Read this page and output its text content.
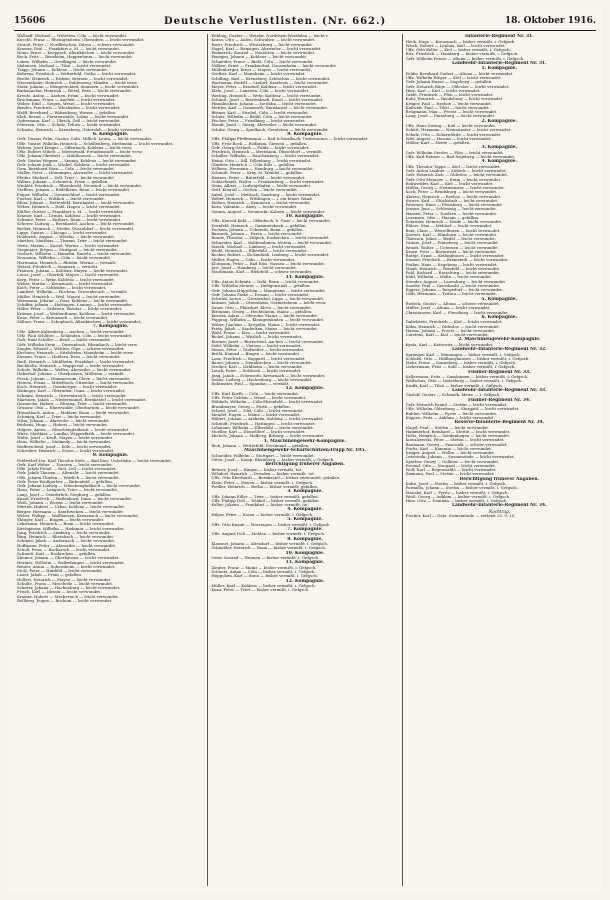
15606	Deutsche Verlustlisten. (Nr. 662.)	18. Oktober 1916.
Wallraff, Michael — Wißetten, Cöln — leicht verwundet.
Knecht, Franz — Rheingönheim, Oberadern — leicht verwundet.
Strauß, Peter — Nordbrüchen, Düren — schwer verwundet.
Kramer, Paul — Frankfurt a. M. — leicht verwundet.
Hönn, Ernst — Kroppach, Altenkirchen — leicht verwundet.
Rock, Fritz — Bensheim, Heppenheim — leicht verwundet.
Lönne, Wilhelm — Gerdlingen — leicht verwundet.
Malimsen, Michael — Tilsit — leicht verwundet.
Trapp, Johann — Koblenz — leicht verwundet.
Bohrens, Friedrich — Wetterfeld, Gotha — leicht verwundet.
Beelte, Heinrich — Erdsen, Bremen — leicht verwundet.
Wiesenthaler, Heinrich — Dohlenweg, Minden — leicht verw.
Mohr, Johann — Mengerschied, Simmern — leicht verwundet.
Rademacher, Heinrich — Wesel, Rees — leicht verwundet.
Kreutz, Anton — Aachen, Prüm — leicht verwundet.
Bruckmann, Franz — Aachen — leicht verwundet.
Weber, Emil — Siegen, Wesel — leicht verwundet.
Bender, Friedrich — Wiesbaden — leicht verwundet.
Wolff, Bernhard — Wittenberg, Worms — gefallen.
Kloß, Bernd — Fürstenwalde, Lebus — leicht verwundet.
Opfermann, Karl — Uhrich, Zell — leicht verwundet.
Petersen, Otto — Schulz, Teltow — leicht verwundet.
Schmitz, Heinrich — Kreuzberg, Gütersloh — leicht verwundet.
6. Kompagnie.
Gefr. Gustav Palm, Gustav, Calw. Millich, Leutn. — leicht verwundet.
Uffz. Gustav Wilhelm Heinrich — Schöllenberg, Mettmann — leicht verwundet.
Wehrm. Josef Krüger — Offenbach, Koblenz — leicht verw.
Uffz. Robert Stibelt — Mittenwald, Freudenstadt — leicht verw.
Uffz. Johann Oberbett — Mühlhausen — leicht verwundet.
Gefr. Gustav Wegner — Sennig, Koblenz — leicht verwundet.
Gefr. Johann Junk — Winkel, Koblenz — leicht verwundet.
Gem. Bernhard Horn — Cöln — leicht verwundet.
Müller, Peter — Hönningen, Ahrweiler — leicht verwundet.
Pfeifer, Michael — Zell, Trier — leicht verwundet.
Willms, Johann — Schoneck, Prüm — gefallen.
Winkler, Friedrich — Rheinbrohl, Neuwied — leicht verwundet.
Steffens, Johann — Rödelheim, Bonn — leicht verwundet.
Pieper, Wilhelm — Greusseldorf — leicht verwundet.
Fischer, Karl — Wittlich — leicht verwundet.
Blum, Johann — Bettenfeld, Bernkastel — leicht verwundet.
Weber, Heinrich — Dahl, Hagen — leicht verwundet.
Müller, Gustav — Frankfurt a. M. — leicht verwundet.
Kramer, Karl — Urmitz, Koblenz — leicht verwundet.
Schmitz, Peter — Enthers, Bonn — leicht verwundet.
Scherer, Ludwig — Bernkastel, Aachen — leicht verwundet.
Becker, Heinrich — Nieder, Düsseldorf — leicht verwundet.
Lippe, Gustav — Chicago — leicht verwundet.
Heiderich, August — Wetzlar — leicht verwundet.
Marthes, Matthias — Thomm, Trier — leicht verwundet.
Weitz, Martin — Kastel, Worms — leicht verwundet.
Stegmaier, Jürgen — Stuttgart — leicht verwundet.
Gerlach, Wilhelm — Hamelin, Rinteln — leicht verwundet.
Neumann, Wilhelm — Cöln — leicht verwundet.
Hartmann, Heinrich — Rhüdin, Worms — vermißt.
Wetzel, Friedrich — Simmern — vermißt.
Franzen, Johann — Koblenz, Mayen — leicht verwundet.
Lucas, Josef — Oberfell, Mayen — leicht verwundet.
Kerp, Peter — Wehr, Koblenz — leicht verwundet.
Weber, Martin — Kreuznach — leicht verwundet.
Koch, Peter — Schleiden — leicht verwundet.
Lambert, Wilhelm — Hochem, Grevenbroich — vermißt.
Müller, Heinrich — Weil, Mayen — leicht verwundet.
Weismann, Johann — Goar, Koblenz — leicht verwundet.
Schiffer, Johann — Hattingen, Lennep — leicht verwundet.
Hiller, Peter — Erdstein, Wetzlar — leicht verwundet.
Krämer, Josef — Weißenthurm, Koblenz — leicht verwundet.
Kunz, Peter — Kreuznach — leicht verwundet.
Zöllner, Franz — Schopbach, Altenkirchen — leicht verwundet.
7. Kompagnie.
Uffz. Albert Kaltenberg — Aachen — leicht verwundet.
Uffz. Paul Schlüter — Schleiden, Cöln — leicht verwundet.
Gefr. Emil Schiller — Reuß — leicht verwundet.
Gefr. Wilhelm Stein — Dürrenbach, Rheinbach — leicht verw.
Ziegler, Eduard — Wohlen, Olpe — schwer verwundet.
Kirchner, Heinrich — Eitelsheim, Mannheim — leicht verw.
Ziemen, Franz — Haldern, Rees — leicht verwundet.
Reiß, Heinrich — Mühlheim, Frankfurt — leicht verwundet.
Buchholtz, Heinrich — Wuppertal — leicht verwundet.
Scholz, Wilhelm — Welfen, Ahrweiler — leicht verwundet.
Haberhof, Johann — Oberhausen, Mülheim — vermißt.
Pesch, Johann — Hommersum, Cleve — leicht verwundet.
Heinen, Franz — Mittelbach, Ottweiler — leicht verwundet.
Koch, Heinrich — Dornbergen — leicht verwundet.
Rüdinger, Karl — Oberaden, Unna — leicht verwundet.
Schmitz, Heinrich — Grevenbroich — leicht verwundet.
Martinen, Jakob — Niederemmel, Bernkastel — leicht verwundet.
Dormecke, Hubert — Ehrang, Trier — leicht verwundet.
Grunow, Otto — Eberswalde, Oberbarnim — leicht verwundet.
Hüsselbach, Anton — Mehlem, Bonn — leicht verwundet.
Schmieg, Karl — Trier — leicht verwundet.
Wilm, Johann — Ahrweiler — leicht verwundet.
Bürkens, Hugo — Hubert — leicht verwundet.
Hilgers, Anton — Mönchengladbach — leicht verwundet.
Wirtz, Matthias — Lindlar, Wipperfürth — leicht verwundet.
Woltz, Josef — Kruft, Mayen — leicht verwundet.
Haas, Wilhelm — Malmedy — leicht verwundet.
Reifferscheid, Josef — Köln — leicht verwundet.
Schreiber, Heinrich — Essen — leicht verwundet.
8. Kompagnie.
Feldwebel-Ltn. Karl Theodor Stelz — Bad Ems, Unterlahn — leicht verwundet.
Gefr. Karl Weber — Dorsten — leicht verwundet.
Uffz. Jakob Preuß — Reil, Zell — leicht verwundet.
Gefr. Jakob Theisen — Altenahr — leicht verwundet.
Uffz. Johann Thielen — Wittlich — leicht verwundet.
Gefr. Peter Weißgerber — Birkenfeld — gefallen.
Gefr. Johann Ludwig — Mönchengladbach — leicht verwundet.
Hans, Peter — Longuich, Trier — leicht verwundet.
Lang, Josef — Osterbrück, Siegburg — gefallen.
Knauf, Friedrich — Wallenborn, Daun — leicht verwundet.
Weiß, Johann — Worms — leicht verwundet.
Merten, Hubert — Urbar, Koblenz — leicht verwundet.
Berger, Hermann — Saarbrücken — leicht verwundet.
Weber, Philipp — Wallhausen, Kreuznach — leicht verwundet.
Ebinger, Karl — Bingen — leicht verwundet.
Lehrmann, Heinrich — Bonn — leicht verwundet.
Kirchgässer, Wilhelm — Hadamar — leicht verwundet.
Jung, Friedrich — Limburg — leicht verwundet.
Ring, Heinrich — Rheinbach — leicht verwundet.
Schmitz, Jakob — Andernach — leicht verwundet.
Hoffmann, Peter — Ahrweiler — leicht verwundet.
Scholl, Peter — Bacharach — leicht verwundet.
Schmidt, Karl — Euskirchen — gefallen.
Zimmer, Johann — Oberhausen — leicht verwundet.
Hermes, Wilhelm — Wallerfangen — leicht verwundet.
Reuter, Anton — Sobernheim — leicht verwundet.
Stolz, Peter — Hünfeld — leicht verwundet.
Lauer, Jakob — Prüm — gefallen.
Hollert, Heinrich — Mayen — leicht verwundet.
Schulte, Franz — Meschede — leicht verwundet.
Scherer, Johann — Hachenburg — leicht verwundet.
Frisch, Karl — Idstein — leicht verwundet.
Kramer, Hubert — Mechernich — leicht verwundet.
Rollberg, Eugen — Bochum — leicht verwundet.
Röbling, Gustav — Wetzlar, Nordrhein-Westfalen — leicht v.
Kraus, Otto — Aalen, Schwaben — leicht verwundet.
Esser, Friedrich — Westerburg — leicht verwundet.
Nagel, Karl — Remagen, Ahrweiler — leicht verwundet.
Emmerich, Konrad — Nastätten — leicht verwundet.
Ponsgen, Johann — Koblenz — leicht verwundet.
Schneider, Franz — Riehl, Cöln — leicht verwundet.
Nölken, Ernst — Frankenthal, Gonsenheim — leicht verwundet.
Mildenberger, Ernst — Mayen — leicht verwundet.
Grether, Karl — Mannheim — leicht verwundet.
Schilling, Karl — Kreuzberg, Schlochau — leicht verwundet.
Hartmann, Rudolf — Lisdorf, Saarlouis — leicht verwundet.
Meyer, Peter — Bendorf, Koblenz — leicht verwundet.
Klein, Josef — Lanstein, Cöln — leicht verwundet.
Werling, Heinrich — Wehr, Koblenz — leicht verwundet.
Schmitt, Josef — Breitenbach, Kusel — leicht verwundet.
Pfannkuchen, Johann — Iserlohn — leicht verwundet.
Mettler, Karl — Gonzerath, Bernkastel — leicht verwundet.
Bittner, Karl — Strebel, Cöln — leicht verwundet.
Schatz, Wilhelm — Brühl, Cöln — leicht verwundet.
Fischer, Peter — Friedberg — leicht verwundet.
Hundt, Josef — Sinzig, Ahrweiler — leicht verwundet.
Schütz, Georg — Spielbach, Gerolstein — leicht verwundet.
9. Kompagnie.
Uffz. Philipp Pfeffermann — Bad Schwalbach, Untertaunus — leicht verwundet.
Uffz. Fritz Bock — Rodheim, Giessen — gefallen.
Gefr. Georg Gerlach — Fulda — leicht verwundet.
Friedrich, Heinrich — Mettmann, Düsseldorf — vermißt.
Schaller, Wilhelm — Rauchenberg — leicht verwundet.
Heinz, Otto — Dill, Dillenburg — leicht verwundet.
Günther, Heinrich — Cöln-Sülz — gefallen.
Wilkens, Hermann — Hamburg — leicht verwundet.
Schmidt, Peter — Kray, St. Wendel — gefallen.
Hennes, Peter — Bitterfeld — leicht verwundet.
Goldschmidt, Walter — Frankenberg — leicht verwundet.
Stein, Albert — Ludwigshafen — leicht verwundet.
Gräf, Konrad — Gießen — leicht verwundet.
Sabel, Josef — Mettlach, Saarburg — leicht verwundet.
Weber, Heinrich — Wittlingen — i. ein feines Wand.
Sieben, Heinrich — Kemmern — leicht verwundet.
Korn, Valentin — Alzey — leicht verwundet.
Grimm, August — Neumarkt, Kobern — leicht verwundet.
10. Kompagnie.
Uffz. Konrad Kuhl — Offenbach, S. Goar — leicht verwundet.
Dornfeld, Heinrich — Gummersbach — gefallen.
Fochem, Johann — Uckerath, Bonn — gefallen.
Baranek, Johann — Posen — leicht verwundet.
Runde, Theodor — Zülpich, Euskirchen — leicht verwundet.
Schneider, Karl — Baldenahmen, Idstein — leicht verwundet.
Strack, Michael — Limburg — leicht verwundet.
Wiehl, Heinrich — Elberfeld — leicht verwundet.
Becker, Robert — Eichenlaub, Limburg — leicht verwundet.
Müller, Eugen — Cöln — leicht verwundet.
Klotmann, Peter — Bad Ems, Nassau — leicht verwundet.
Jost, Josef — Homburg — leicht verwundet.
Stachmann, Karl — Bielefeld — schwer verwundet.
11. Kompagnie.
Uffz. Anton Schmitz — Dahl, Bonn — leicht verwundet.
Uffz. Wilhelm Meurer — Heiligenstadt — gefallen.
Gefr. Johann Hüppchen — Mannheim — leicht verwundet.
Gefr. Johann Zinke — Dessau — leicht verwundet.
Schwab, Anton — Grossenhof, Lippe — leicht verwundet.
Krämer, Jakob — Ottersheim, Germersheim — leicht verw.
Sauer, Otto — Pfalzdorf, Kleve — leicht verwundet.
Rittmann, Georg — Hechtsheim, Mainz — gefallen.
Kessler, Adam — Oberolm, Mainz — leicht verwundet.
Pöpping, Wilhelm — Kleingemünden — leicht verwundet.
Weber, Joachim — Kröpelin, Mainz — leicht verwundet.
Frein, Jakob — Stadecken, Mainz — leicht verwundet.
Wahl, Franz — Kirn — leicht verwundet.
Bickel, Johann — Wittlich — leicht verwundet.
Kremer, Josef — Burtscheid, Aachen — leicht verwundet.
Nöhl, Wilhelm — Viersen — leicht verwundet.
Simon, Peter — Dudweiler — leicht verwundet.
Brühl, Konrad — Bingen — leicht verwundet.
Lenz, Friedrich — Boppard — leicht verwundet.
Bauer, Johann — Neunkirchen — leicht verwundet.
Ströher, Karl — Dahlheim — leicht verwundet.
Lauck, Peter — Sulzbach — leicht verwundet.
Jung, Jakob — Eckenroth, Kreuznach — leicht verwundet.
Sohns, Ludwig — Hachenburg — leicht verwundet.
Rohrmeier, Paul — Spandau — vermißt.
12. Kompagnie.
Uffz. Karl Kurth — Cöln — leicht verwundet.
Uffz. Peter Gehlen — Wesel — leicht verwundet.
Hübbels, Wilhelm — Cöln-Ehrenfeld — leicht verwundet.
Brandmayer, Georg — Fürth — gefallen.
Scheid, Josef — Niel, Cöln — leicht verwundet.
Mendel, Eugen — Mainz — leicht verwundet.
Hübert, Johann — Arzheim, Koblenz — leicht verwundet.
Schmidt, Friedrich — Hattingen — leicht verwundet.
Lohmann, Wilhelm — Elberfeld — leicht verwundet.
Moeller, Karl — Düsseldorf — leicht verwundet.
Michels, Johann — Malberg, Bitburg — leicht verwundet.
1. Maschinengewehr-Kompagnie.
Rick, Johann — Wetterfeld, Dortmund — gefallen.
Maschinengewehr-Scharfschützen-Trupp Nr. 195.
Schneider, Wilhelm — Stuttgart — leicht verwundet.
Otten, Josef — Kamp, Rheinberg — bisher vermißt, i. Gefgsch.
Berichtigung früherer Angaben.
Böhner, Josef — Bingen — bisher vermißt, tot.
Wilsdorf, Heinrich — Dresden — bisher vermißt, tot.
Uffz. Otto Eberhardt — Bernkastel — bisher verwundet, gefallen.
Klein, Peter — Mayen — bisher vermißt, i. Gefgsch.
Fiedler, Heinrich — Berlin — bisher vermißt, gefallen.
3. Kompagnie.
Uffz. Johann Edler — Trier — bisher vermißt, gefallen.
Uffz. Philipp Doll — Winkel — bisher vermißt, gefallen.
Keller, Johann — Frankfurt — bisher vermißt, tot.
4. Kompagnie.
Hilger, Peter — Essen — bisher vermißt, i. Gefgsch.
5. Kompagnie.
Uffz. Otto Knaub — Worringen — bisher vermißt, i. Gefgsch.
7. Kompagnie.
Uffz. August Doll — Mehlen — bisher vermißt, i. Gefgsch.
8. Kompagnie.
Klausert, Johann — Altendorf — bisher vermißt, i. Gefgsch.
Schneider, Heinrich — Bonn — bisher vermißt, i. Gefgsch.
10. Kompagnie.
Orter, Konrad — Bremen — bisher vermißt, i. Gefgsch.
11. Kompagnie.
Ziegler, Franz — Mainz — bisher vermißt, i. Gefgsch.
Schmitz, Anton — Cöln — bisher vermißt, i. Gefgsch.
Hüppchen, Karl — Bonn — bisher vermißt, i. Gefgsch.
12. Kompagnie.
Müller, Karl — Koblenz — bisher vermißt, i. Gefgsch.
Kunz, Peter — Trier — bisher vermißt, i. Gefgsch.
Infanterie-Regiment Nr. 31.
Heck, Hugo — Kreuznach — bisher vermißt, i. Gefgsch.
Wisch, Robert — Lenhau, Kiel — leicht verwundet.
Uffz. Otto Keller — Kiel — bisher vermißt, i. Gefgsch.
Ritz, Friedrich — Hamburg — bisher vermißt, i. Gefgsch.
Gefr. Wilhelm Peters — Altona — bisher vermißt, i. Gefgsch.
Landwehr-Infanterie-Regiment Nr. 31.
1. Kompagnie.
Feldw. Bernhard Gudert — Altona — leicht verwundet.
Uffz. Wilhelm Rieger — Kiel — leicht verwundet.
Gefr. Johann Haase — Segeberg — gefallen.
Gefr. Heinrich Rüge — Oldesloe — leicht verwundet.
Hinz, Karl — Kiel — leicht verwundet.
Gräfe, Friedrich — Plön — leicht verwundet.
Kuhr, Heinrich — Rendsburg — leicht verwundet.
Krüger, Paul — Itzehoe — leicht verwundet.
Kallweit, Paul — Tilsit — leicht verwundet.
Brügmann, Max — Preetz — leicht verwundet.
Lang, Josef — Pinneberg — leicht verwundet.
2. Kompagnie.
Uffz. Hans Döring — Kiel — leicht verwundet.
Schütt, Hermann — Neumünster — leicht verwundet.
Schulz, Otto — Eckernförde — leicht verwundet.
Witt, August — Husum — leicht verwundet.
Möller, Karl — Heide — gefallen.
3. Kompagnie.
Gefr. Wilhelm Gerdes — Plön — leicht verwundet.
Uffz. Karl Reimer — Bad Segeberg — leicht verwundet.
4. Kompagnie.
Uffz. Theodor Tappe — Kiel — leicht verwundet.
Gefr. Anton Lindner — Lübeck — leicht verwundet.
Gefr. Heinrich Zieb — Oldesloe — leicht verwundet.
Gefr. Otto Mannow — Eutin — leicht verwundet.
Rohwedder, Karl — Kiel — leicht verwundet.
Müller, Georg — Neumünster — leicht verwundet.
Kock, Peter — Rendsburg — leicht verwundet.
Ahrens, Heinrich — Itzehoe — leicht verwundet.
Struve, Karl — Glückstadt — leicht verwundet.
Petersen, Hans — Flensburg — leicht verwundet.
Jensen, Jens — Schleswig — leicht verwundet.
Hansen, Peter — Tondern — leicht verwundet.
Lorenzen, Otto — Husum — gefallen.
Schröder, Heinrich — Heide — leicht verwundet.
Ehlers, Max — Meldorf — leicht verwundet.
Boie, Claus — Wesselburen — leicht verwundet.
Sievers, Karl — Elmshorn — leicht verwundet.
Thiessen, Julius — Wedel — leicht verwundet.
Grimm, Josef — Pinneberg — leicht verwundet.
Wendt, Walter — Uetersen — leicht verwundet.
Kruse, Fritz — Barmstedt — leicht verwundet.
Rathje, Ernst — Kellinghusen — leicht verwundet.
Stamer, Friedrich — Bramstedt — leicht verwundet.
Frahm, Hans — Segeberg — leicht verwundet.
Maaß, Heinrich — Reinfeld — leicht verwundet.
Pohl, Richard — Ratzeburg — leicht verwundet.
Kühl, Wilhelm — Mölln — leicht verwundet.
Stender, August — Lauenburg — leicht verwundet.
Sander, Paul — Geesthacht — leicht verwundet.
Eggers, Johann — Bergedorf — leicht verwundet.
Lüth, Hermann — Trittau — leicht verwundet.
5. Kompagnie.
Rudeck, Gustav — Altona — schwer verwundet.
Müller, Josef — Altona — leicht verwundet.
Christiansen, Karl — Flensburg — leicht verwundet.
6. Kompagnie.
Dabelstein, Friedrich — Kiel — leicht verwundet.
Köhn, Heinrich — Oldesloe — leicht verwundet.
Harms, Johann — Preetz — leicht verwundet.
Carstens, Karl — Kiel — leicht verwundet.
2. Maschinengewehr-Kompagnie.
Kyala, Karl — Kattowitz — leicht verwundet.
Landwehr-Infanterie-Regiment Nr. 32.
Sprenger, Karl — Meiningen — bisher vermißt, i. Gefgsch.
Schödel, Otto — Hildburghausen — bisher vermißt, i. Gefgsch.
Mahr, Franz — Sonneberg — bisher vermißt, i. Gefgsch.
Liebermann, Fritz — Suhl — bisher vermißt, i. Gefgsch.
Füsilier-Regiment Nr. 33.
Kellermann, Fritz — Gumbinnen — bisher vermißt, i. Gefgsch.
Wallschus, Otto — Insterburg — bisher vermißt, i. Gefgsch.
Krafft, Karl — Tilsit — bisher vermißt, i. Gefgsch.
Landwehr-Infanterie-Regiment Nr. 33.
Gusloff, Gustav — Schmalk, Mewe — i. Gefgsch.
Füsilier-Regiment Nr. 34.
Gefr. Heinrich Brand — Stettin — leicht verwundet.
Uffz. Wilhelm Oldenburg — Stargard — leicht verwundet.
Ruhlau, Wilhelm — Pyritz — leicht verwundet.
Köppen, Fritz — Anklam — leicht verwundet.
Reserve-Infanterie-Regiment Nr. 34.
Nagel, Paul — Stettin — leicht verwundet.
Hammerhof, Reinhard — Stettin — leicht verwundet.
Holtz, Heinrich — Greifenhagen — leicht verwundet.
Kowalzewski, Peter — Stettin — leicht verwundet.
Baumann, Georg — Pasewalk — schwer verwundet.
Fuchs, Karl — Kammin — leicht verwundet.
Krüger, August — Wollin — leicht verwundet.
Ostrowski, Johann — Swinemünde — leicht verwundet.
Sperber, Georg — Gollnow — leicht verwundet.
Freund, Otto — Naugard — leicht verwundet.
Wolf, Karl — Regenwalde — leicht verwundet.
Ziemann, Paul — Stettin — leicht verwundet.
Berichtigung früherer Angaben.
Kuhn, Josef — Stettin — bisher vermißt, i. Gefgsch.
Formella, Johann — Stettin — bisher vermißt, i. Gefgsch.
Manske, Karl — Pyritz — bisher vermißt, i. Gefgsch.
Weiß, Georg — Anklam — bisher vermißt, i. Gefgsch.
Hinz, Otto — Demmin — bisher vermißt, i. Gefgsch.
Landwehr-Infanterie-Regiment Nr. 34.
Nachtrag.
Fischer, Karl — Gatz, Swinemünde — verletzt 25. 9. 15.
